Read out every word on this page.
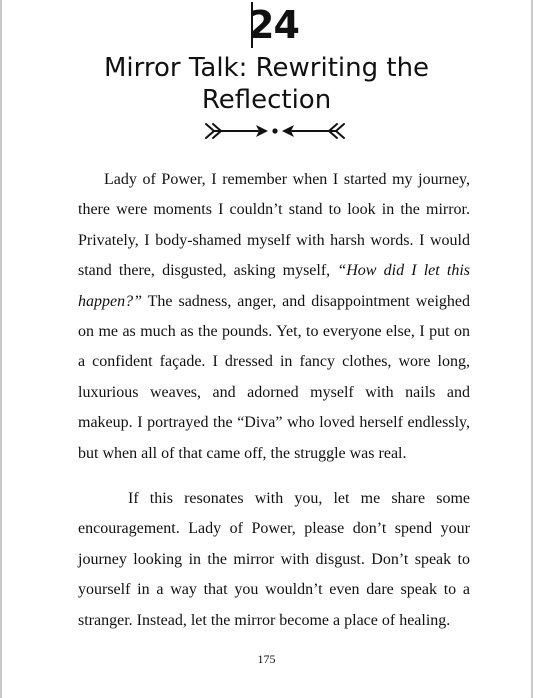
24
Mirror Talk: Rewriting the
Reflection

Lady of Power, I remember when I started my journey, there were moments I couldn’t stand to look in the mirror. Privately, I body-shamed myself with harsh words. I would stand there, disgusted, asking myself, “How did I let this happen?” The sadness, anger, and disappointment weighed on me as much as the pounds. Yet, to everyone else, I put on a confident façade. I dressed in fancy clothes, wore long, luxurious weaves, and adorned myself with nails and makeup. I portrayed the “Diva” who loved herself endlessly, but when all of that came off, the struggle was real.

If this resonates with you, let me share some encouragement. Lady of Power, please don’t spend your journey looking in the mirror with disgust. Don’t speak to yourself in a way that you wouldn’t even dare speak to a stranger. Instead, let the mirror become a place of healing.

175
